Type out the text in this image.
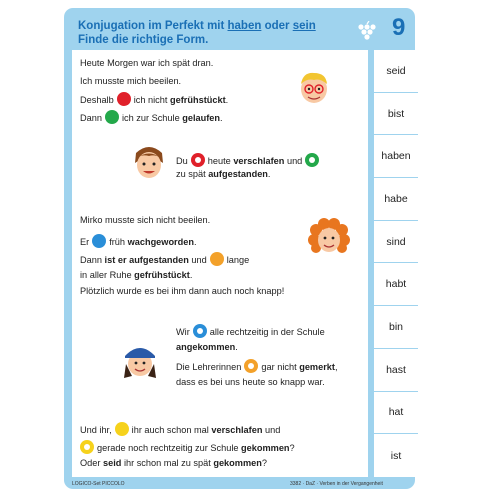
Konjugation im Perfekt mit haben oder sein
Finde die richtige Form.	9
Heute Morgen war ich spät dran.
Ich musste mich beeilen.
Deshalb ich nicht gefrühstückt.
Dann ich zur Schule gelaufen.
Du heute verschlafen und
zu spät aufgestanden.
Mirko musste sich nicht beeilen.
Er früh wachgeworden.
Dann ist er aufgestanden und lange
in aller Ruhe gefrühstückt.
Plötzlich wurde es bei ihm dann auch noch knapp!
Wir alle rechtzeitig in der Schule
angekommen.
Die Lehrerinnen gar nicht gemerkt,
dass es bei uns heute so knapp war.
Und ihr, ihr auch schon mal verschlafen und
gerade noch rechtzeitig zur Schule gekommen?
Oder seid ihr schon mal zu spät gekommen?
seid
bist
haben
habe
sind
habt
bin
hast
hat
ist
LOGICO-Set PICCOLO	3382 · DaZ · Verben in der Vergangenheit
